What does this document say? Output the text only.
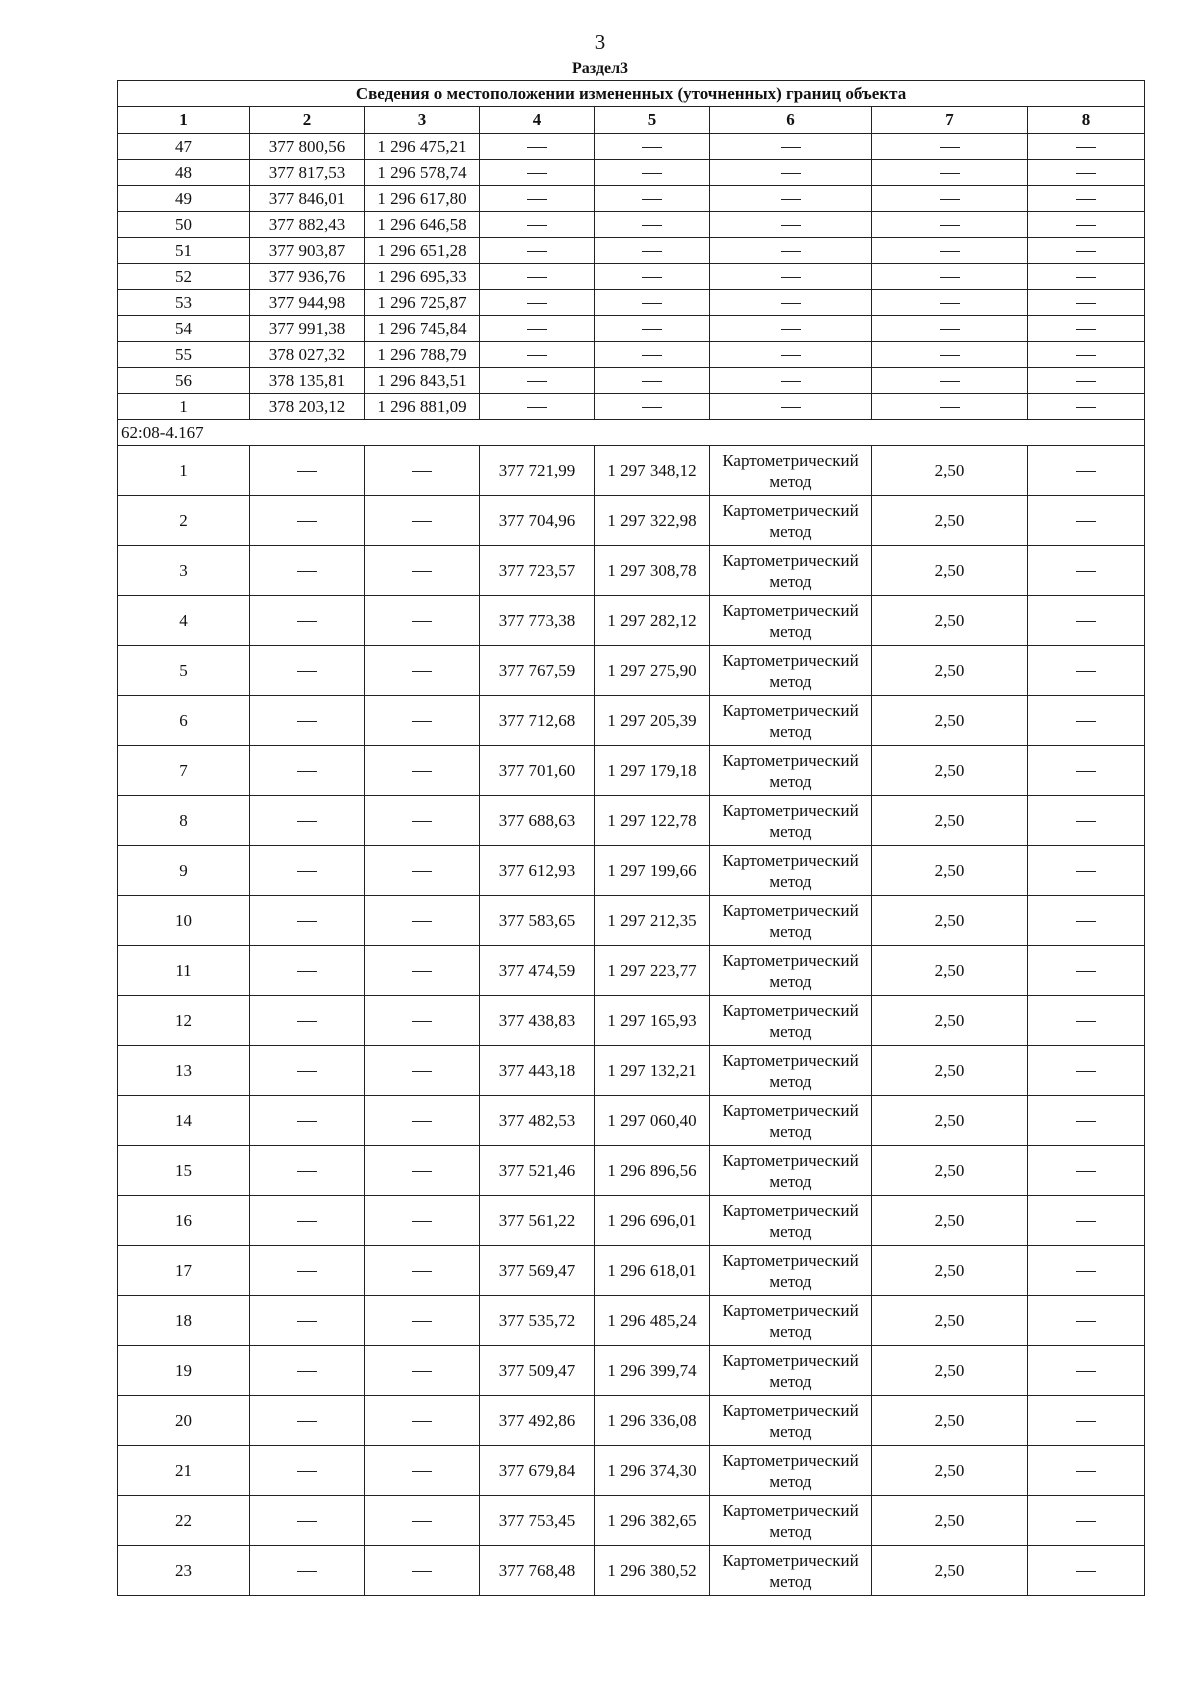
3
Раздел3
Сведения о местоположении измененных (уточненных) границ объекта							
1	2	3	4	5	6	7	8
47	377 800,56	1 296 475,21					
48	377 817,53	1 296 578,74					
49	377 846,01	1 296 617,80					
50	377 882,43	1 296 646,58					
51	377 903,87	1 296 651,28					
52	377 936,76	1 296 695,33					
53	377 944,98	1 296 725,87					
54	377 991,38	1 296 745,84					
55	378 027,32	1 296 788,79					
56	378 135,81	1 296 843,51					
1	378 203,12	1 296 881,09					
62:08-4.167							
1			377 721,99	1 297 348,12	Картометрический метод	2,50	
2			377 704,96	1 297 322,98	Картометрический метод	2,50	
3			377 723,57	1 297 308,78	Картометрический метод	2,50	
4			377 773,38	1 297 282,12	Картометрический метод	2,50	
5			377 767,59	1 297 275,90	Картометрический метод	2,50	
6			377 712,68	1 297 205,39	Картометрический метод	2,50	
7			377 701,60	1 297 179,18	Картометрический метод	2,50	
8			377 688,63	1 297 122,78	Картометрический метод	2,50	
9			377 612,93	1 297 199,66	Картометрический метод	2,50	
10			377 583,65	1 297 212,35	Картометрический метод	2,50	
11			377 474,59	1 297 223,77	Картометрический метод	2,50	
12			377 438,83	1 297 165,93	Картометрический метод	2,50	
13			377 443,18	1 297 132,21	Картометрический метод	2,50	
14			377 482,53	1 297 060,40	Картометрический метод	2,50	
15			377 521,46	1 296 896,56	Картометрический метод	2,50	
16			377 561,22	1 296 696,01	Картометрический метод	2,50	
17			377 569,47	1 296 618,01	Картометрический метод	2,50	
18			377 535,72	1 296 485,24	Картометрический метод	2,50	
19			377 509,47	1 296 399,74	Картометрический метод	2,50	
20			377 492,86	1 296 336,08	Картометрический метод	2,50	
21			377 679,84	1 296 374,30	Картометрический метод	2,50	
22			377 753,45	1 296 382,65	Картометрический метод	2,50	
23			377 768,48	1 296 380,52	Картометрический метод	2,50	
